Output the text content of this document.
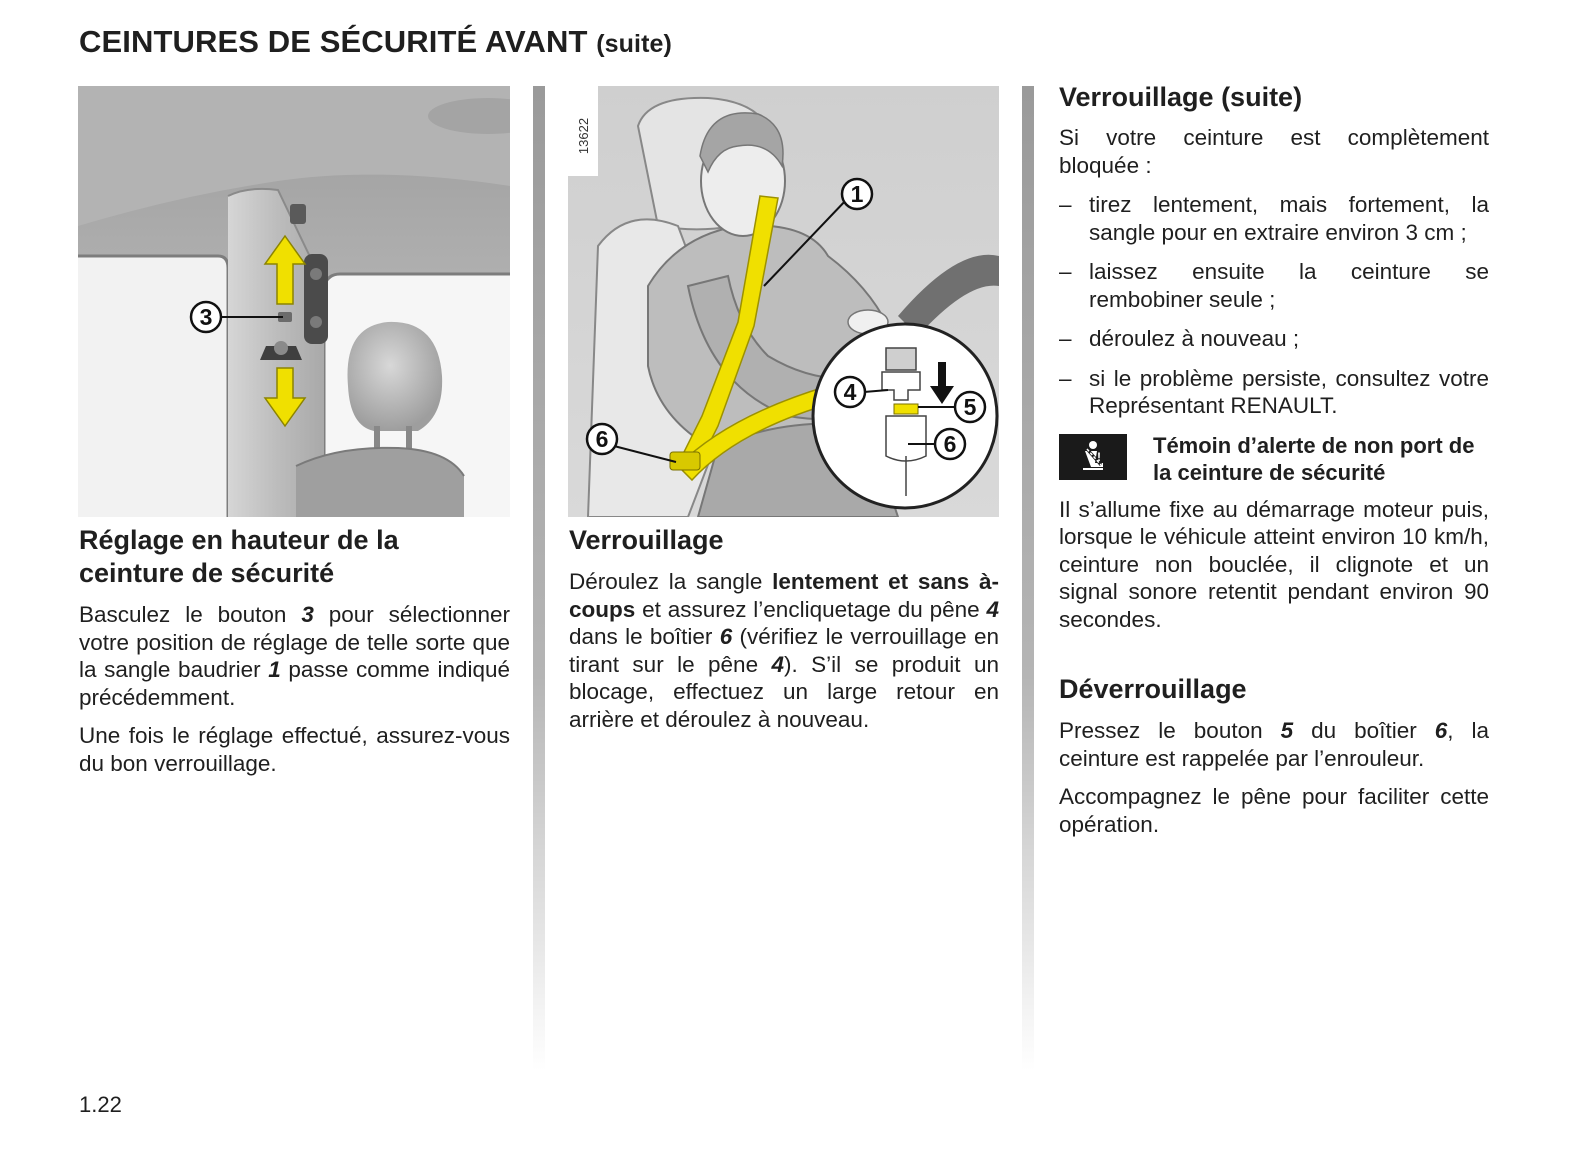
CEINTURES DE SÉCURITÉ AVANT (suite)
3
Réglage en hauteur de la ceinture de sécurité

Basculez le bouton 3 pour sélectionner votre position de réglage de telle sorte que la sangle baudrier 1 passe comme indiqué précédemment.

Une fois le réglage effectué, assurez-vous du bon verrouillage.

13622
1
6
4
5
6
Verrouillage

Déroulez la sangle lentement et sans à-coups et assurez l’encliquetage du pêne 4 dans le boîtier 6 (vérifiez le verrouillage en tirant sur le pêne 4). S’il se produit un blocage, effectuez un large retour en arrière et déroulez à nouveau.

Verrouillage (suite)

Si votre ceinture est complètement bloquée :

– tirez lentement, mais fortement, la sangle pour en extraire environ 3 cm ;
– laissez ensuite la ceinture se rembobiner seule ;
– déroulez à nouveau ;
– si le problème persiste, consultez votre Représentant RENAULT.
! Témoin d’alerte de non port de la ceinture de sécurité

Il s’allume fixe au démarrage moteur puis, lorsque le véhicule atteint environ 10 km/h, ceinture non bouclée, il clignote et un signal sonore retentit pendant environ 90 secondes.

Déverrouillage

Pressez le bouton 5 du boîtier 6, la ceinture est rappelée par l’enrouleur.

Accompagnez le pêne pour faciliter cette opération.

1.22
